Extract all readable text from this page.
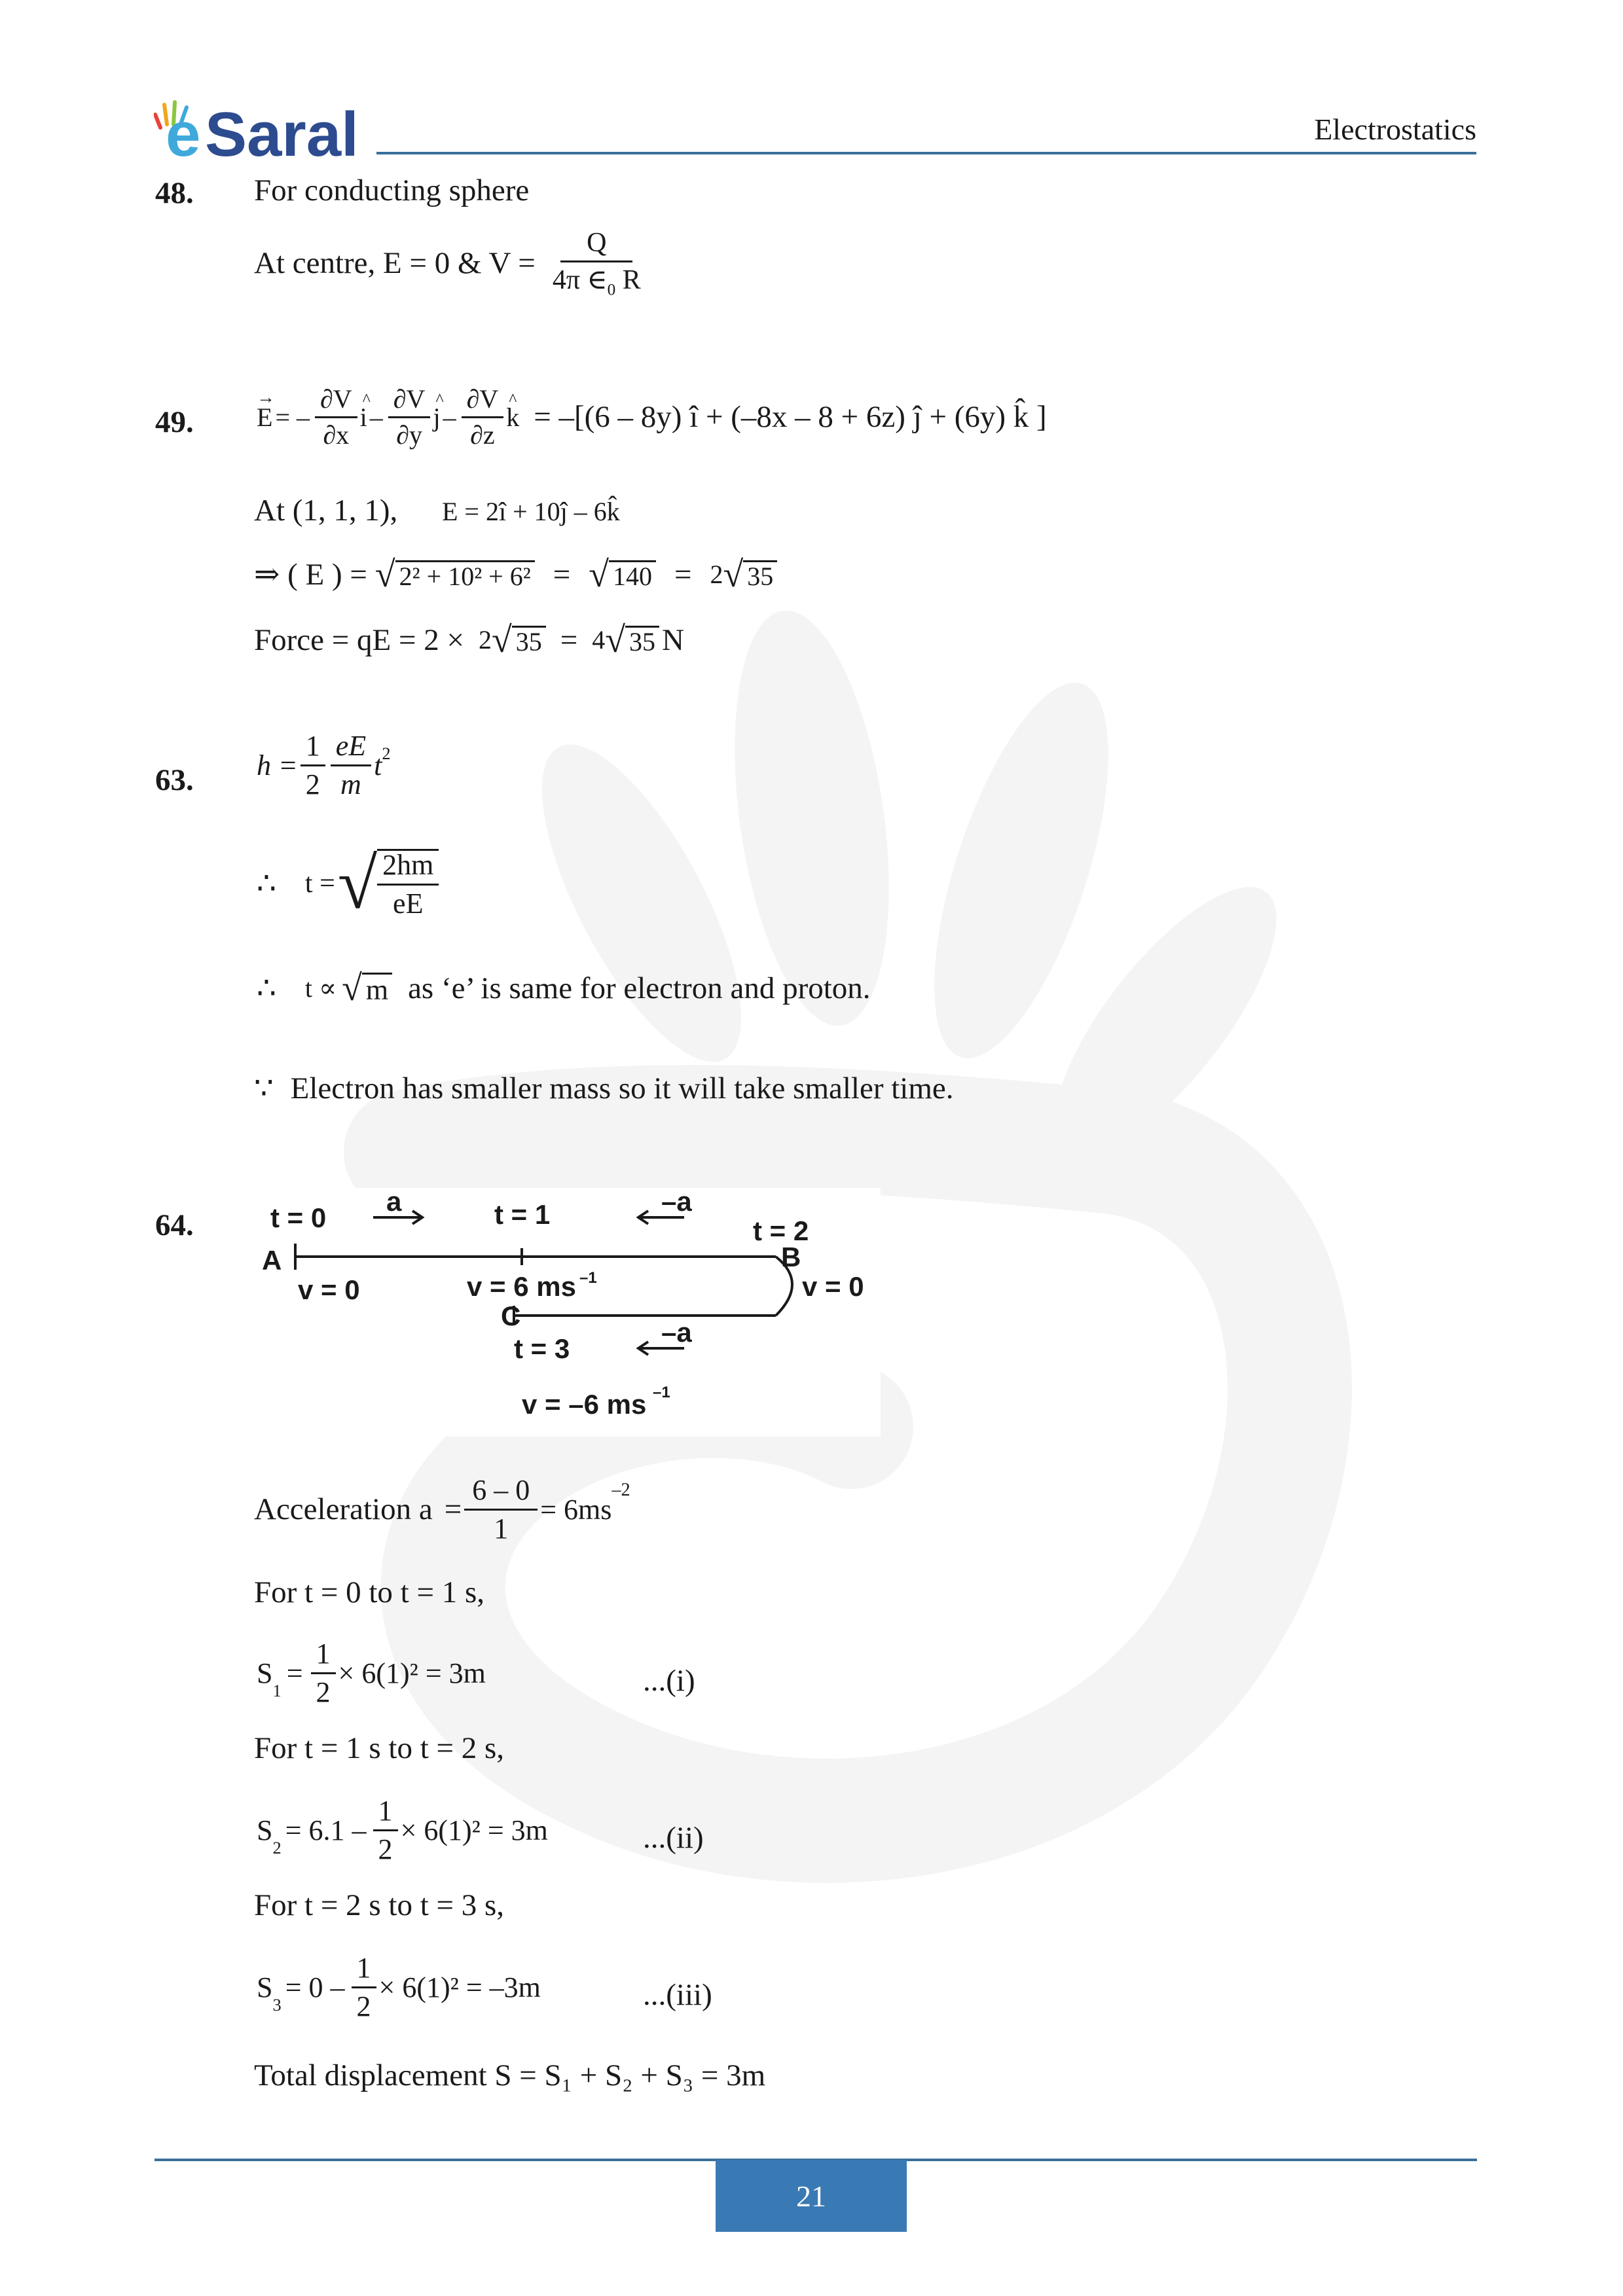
e Saral	Electrostatics
48. For conducting sphere
At centre, E = 0 & $V = \frac{Q}{4\pi \in_0 R}$
49. → E = – $\frac{\partial V}{\partial x}$ ^ i – $\frac{\partial V}{\partial y}$ ^ j – $\frac{\partial V}{\partial z}$ ^ k = –[(6 – 8y) î + (–8x – 8 + 6z) ĵ + (6y) k̂ ]
At (1, 1, 1), E = 2î + 10ĵ – 6k̂
⇒ ( E ) = √ 2² + 10² + 6² = √ 140 = 2 √ 35
Force = qE = 2 × 2 √ 35 = 4 √ 35 N
63. $h = \frac{1}{2} \frac{eE}{m} t^2$
∴ t = √ $\frac{2hm}{eE}$
∴ t ∝ √ m as ‘e’ is same for electron and proton.
∵ Electron has smaller mass so it will take smaller time.
64.	t = 0
a	t = 1	–a
t = 2
A	B
v = 0	v = 6 ms –1	v = 0
C
t = 3
–a
v = –6 ms –1
Acceleration $a = \frac{6 - 0}{1} = 6ms$
$^{-2}$
For t = 0 to t = 1 s,
S
$_1$
= $\frac{1}{2} \times 6(1)^2 = 3m$	...(i)
For t = 1 s to t = 2 s,
S
$_2$
= $6.1 - \frac{1}{2} \times 6(1)^2 = 3m$	...(ii)
For t = 2 s to t = 3 s,
S
$_3$
= $0 - \frac{1}{2} \times 6(1)^2 = -3m$	...(iii)
Total displacement S = S₁ + S₂ + S₃ = 3m
21
